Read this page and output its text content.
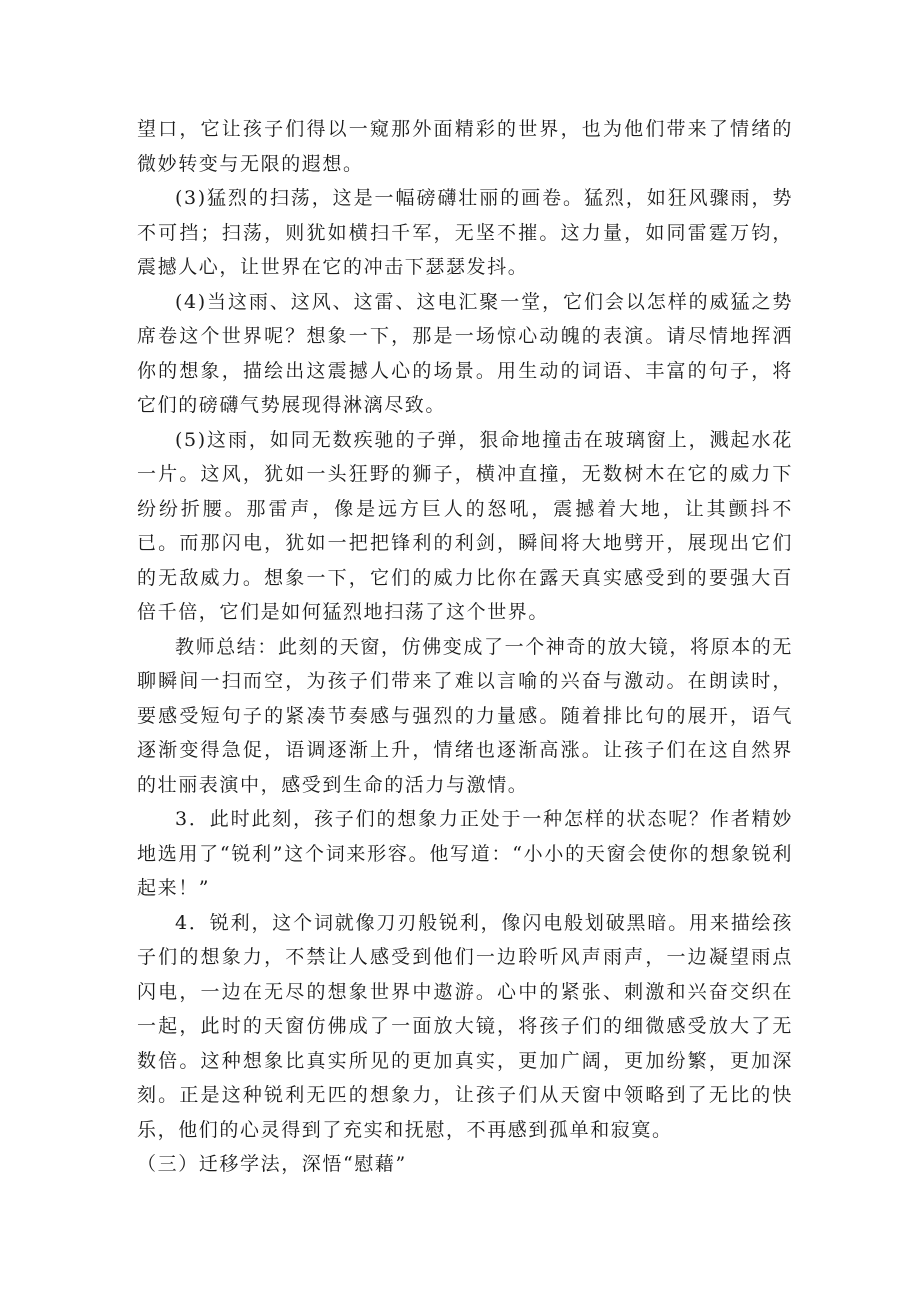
望口，它让孩子们得以一窥那外面精彩的世界，也为他们带来了情绪的微妙转变与无限的遐想。

(3)猛烈的扫荡，这是一幅磅礴壮丽的画卷。猛烈，如狂风骤雨，势不可挡；扫荡，则犹如横扫千军，无坚不摧。这力量，如同雷霆万钧，震撼人心，让世界在它的冲击下瑟瑟发抖。

(4)当这雨、这风、这雷、这电汇聚一堂，它们会以怎样的威猛之势席卷这个世界呢？想象一下，那是一场惊心动魄的表演。请尽情地挥洒你的想象，描绘出这震撼人心的场景。用生动的词语、丰富的句子，将它们的磅礴气势展现得淋漓尽致。

(5)这雨，如同无数疾驰的子弹，狠命地撞击在玻璃窗上，溅起水花一片。这风，犹如一头狂野的狮子，横冲直撞，无数树木在它的威力下纷纷折腰。那雷声，像是远方巨人的怒吼，震撼着大地，让其颤抖不已。而那闪电，犹如一把把锋利的利剑，瞬间将大地劈开，展现出它们的无敌威力。想象一下，它们的威力比你在露天真实感受到的要强大百倍千倍，它们是如何猛烈地扫荡了这个世界。

教师总结：此刻的天窗，仿佛变成了一个神奇的放大镜，将原本的无聊瞬间一扫而空，为孩子们带来了难以言喻的兴奋与激动。在朗读时，要感受短句子的紧凑节奏感与强烈的力量感。随着排比句的展开，语气逐渐变得急促，语调逐渐上升，情绪也逐渐高涨。让孩子们在这自然界的壮丽表演中，感受到生命的活力与激情。

3．此时此刻，孩子们的想象力正处于一种怎样的状态呢？作者精妙地选用了“锐利”这个词来形容。他写道：“小小的天窗会使你的想象锐利起来！”

4．锐利，这个词就像刀刃般锐利，像闪电般划破黑暗。用来描绘孩子们的想象力，不禁让人感受到他们一边聆听风声雨声，一边凝望雨点闪电，一边在无尽的想象世界中遨游。心中的紧张、刺激和兴奋交织在一起，此时的天窗仿佛成了一面放大镜，将孩子们的细微感受放大了无数倍。这种想象比真实所见的更加真实，更加广阔，更加纷繁，更加深刻。正是这种锐利无匹的想象力，让孩子们从天窗中领略到了无比的快乐，他们的心灵得到了充实和抚慰，不再感到孤单和寂寞。

（三）迁移学法，深悟“慰藉”
